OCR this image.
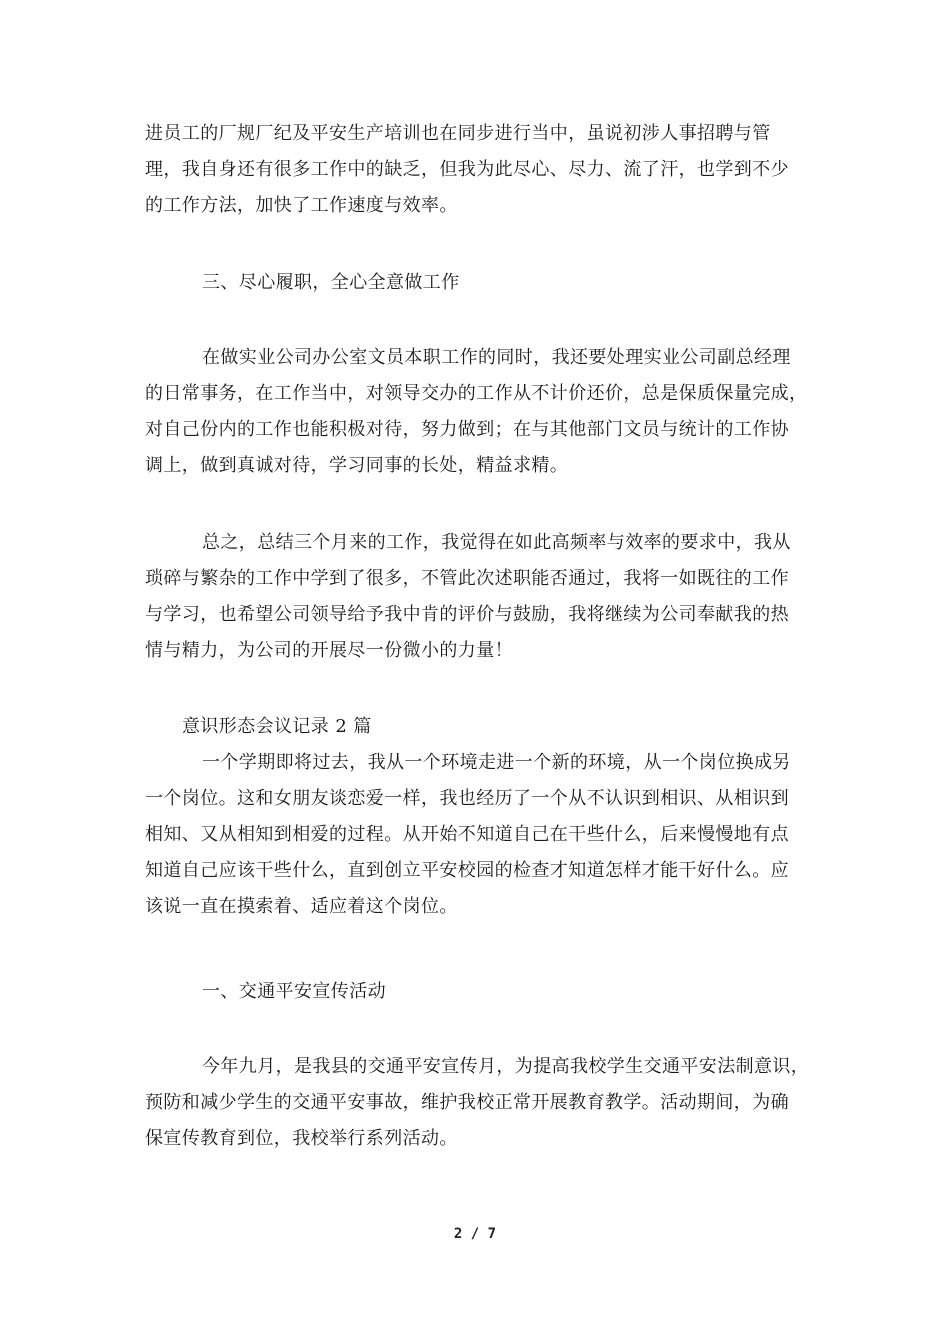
进员工的厂规厂纪及平安生产培训也在同步进行当中，虽说初涉人事招聘与管
理，我自身还有很多工作中的缺乏，但我为此尽心、尽力、流了汗，也学到不少
的工作方法，加快了工作速度与效率。
三、尽心履职，全心全意做工作
在做实业公司办公室文员本职工作的同时，我还要处理实业公司副总经理
的日常事务，在工作当中，对领导交办的工作从不计价还价，总是保质保量完成，
对自己份内的工作也能积极对待，努力做到；在与其他部门文员与统计的工作协
调上，做到真诚对待，学习同事的长处，精益求精。
总之，总结三个月来的工作，我觉得在如此高频率与效率的要求中，我从
琐碎与繁杂的工作中学到了很多，不管此次述职能否通过，我将一如既往的工作
与学习，也希望公司领导给予我中肯的评价与鼓励，我将继续为公司奉献我的热
情与精力，为公司的开展尽一份微小的力量！
意识形态会议记录 2 篇
一个学期即将过去，我从一个环境走进一个新的环境，从一个岗位换成另
一个岗位。这和女朋友谈恋爱一样，我也经历了一个从不认识到相识、从相识到
相知、又从相知到相爱的过程。从开始不知道自己在干些什么，后来慢慢地有点
知道自己应该干些什么，直到创立平安校园的检查才知道怎样才能干好什么。应
该说一直在摸索着、适应着这个岗位。
一、交通平安宣传活动
今年九月，是我县的交通平安宣传月，为提高我校学生交通平安法制意识，
预防和减少学生的交通平安事故，维护我校正常开展教育教学。活动期间，为确
保宣传教育到位，我校举行系列活动。
2 / 7
